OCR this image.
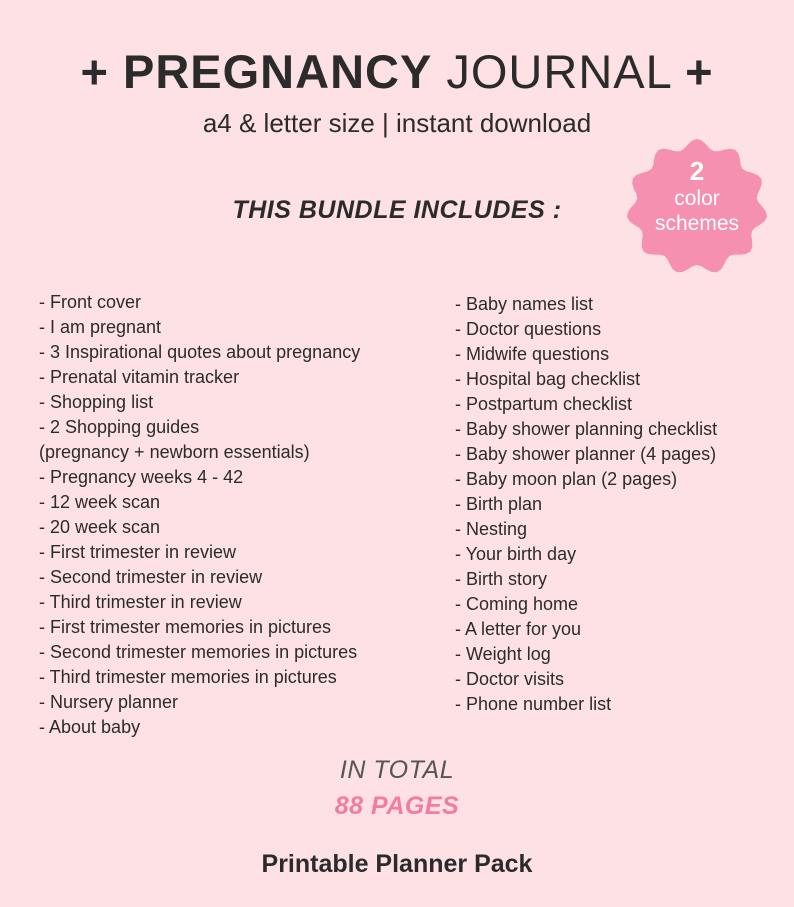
+ PREGNANCY JOURNAL +
a4 & letter size | instant download
THIS BUNDLE INCLUDES :
2
color
schemes
- Front cover
- I am pregnant
- 3 Inspirational quotes about pregnancy
- Prenatal vitamin tracker
- Shopping list
- 2 Shopping guides
(pregnancy + newborn essentials)
- Pregnancy weeks 4 - 42
- 12 week scan
- 20 week scan
- First trimester in review
- Second trimester in review
- Third trimester in review
- First trimester memories in pictures
- Second trimester memories in pictures
- Third trimester memories in pictures
- Nursery planner
- About baby
- Baby names list
- Doctor questions
- Midwife questions
- Hospital bag checklist
- Postpartum checklist
- Baby shower planning checklist
- Baby shower planner (4 pages)
- Baby moon plan (2 pages)
- Birth plan
- Nesting
- Your birth day
- Birth story
- Coming home
- A letter for you
- Weight log
- Doctor visits
- Phone number list
IN TOTAL
88 PAGES
Printable Planner Pack
